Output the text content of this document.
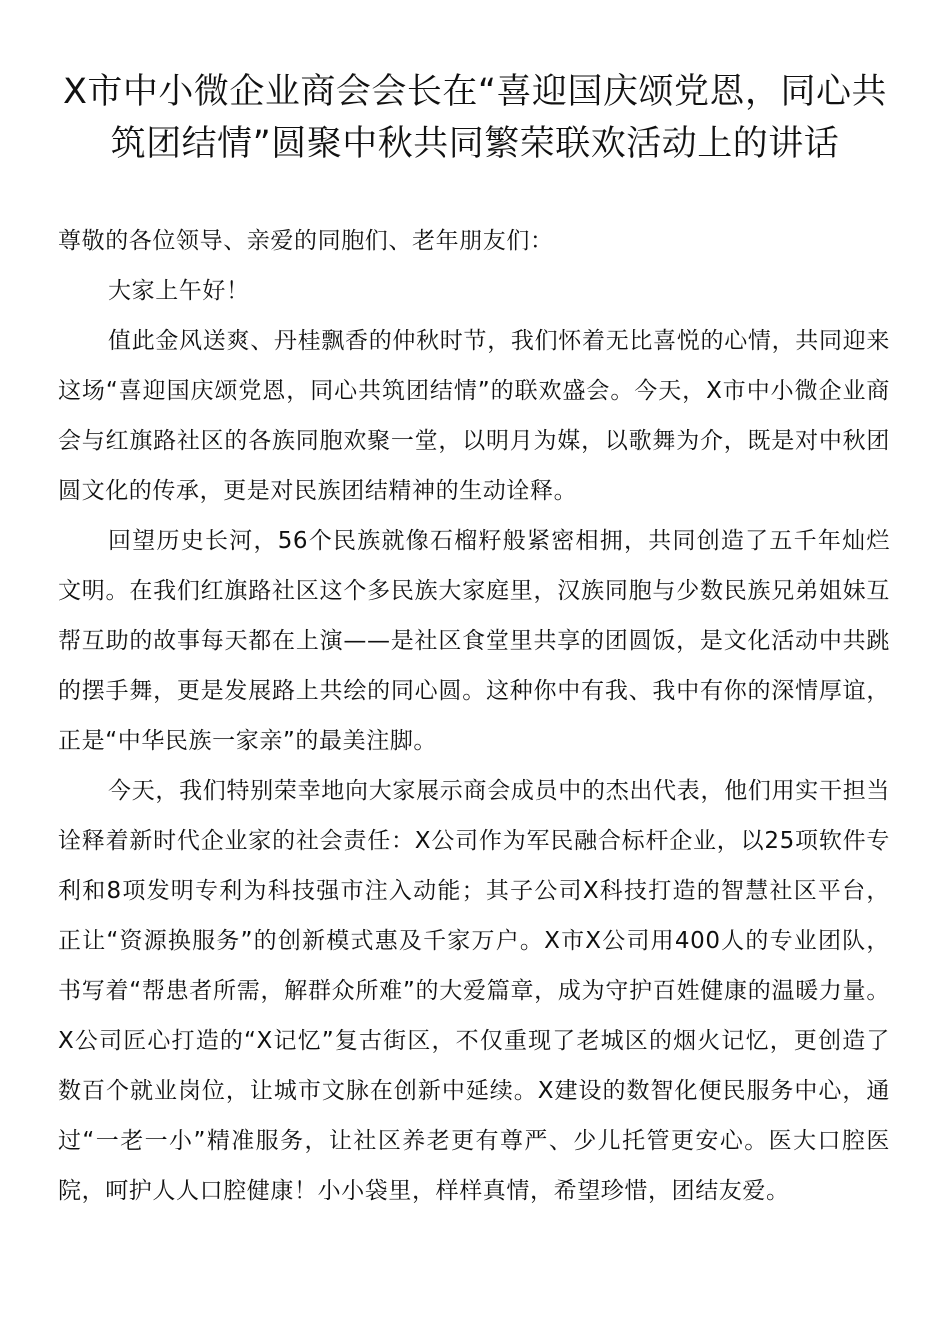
X市中小微企业商会会长在“喜迎国庆颂党恩，同心共筑团结情”圆聚中秋共同繁荣联欢活动上的讲话

尊敬的各位领导、亲爱的同胞们、老年朋友们：

大家上午好！

值此金风送爽、丹桂飘香的仲秋时节，我们怀着无比喜悦的心情，共同迎来这场“喜迎国庆颂党恩，同心共筑团结情”的联欢盛会。今天，X市中小微企业商会与红旗路社区的各族同胞欢聚一堂，以明月为媒，以歌舞为介，既是对中秋团圆文化的传承，更是对民族团结精神的生动诠释。

回望历史长河，56个民族就像石榴籽般紧密相拥，共同创造了五千年灿烂文明。在我们红旗路社区这个多民族大家庭里，汉族同胞与少数民族兄弟姐妹互帮互助的故事每天都在上演——是社区食堂里共享的团圆饭，是文化活动中共跳的摆手舞，更是发展路上共绘的同心圆。这种你中有我、我中有你的深情厚谊，正是“中华民族一家亲”的最美注脚。

今天，我们特别荣幸地向大家展示商会成员中的杰出代表，他们用实干担当诠释着新时代企业家的社会责任：X公司作为军民融合标杆企业，以25项软件专利和8项发明专利为科技强市注入动能；其子公司X科技打造的智慧社区平台，正让“资源换服务”的创新模式惠及千家万户。X市X公司用400人的专业团队，书写着“帮患者所需，解群众所难”的大爱篇章，成为守护百姓健康的温暖力量。X公司匠心打造的“X记忆”复古街区，不仅重现了老城区的烟火记忆，更创造了数百个就业岗位，让城市文脉在创新中延续。X建设的数智化便民服务中心，通过“一老一小”精准服务，让社区养老更有尊严、少儿托管更安心。医大口腔医院，呵护人人口腔健康！小小袋里，样样真情，希望珍惜，团结友爱。
